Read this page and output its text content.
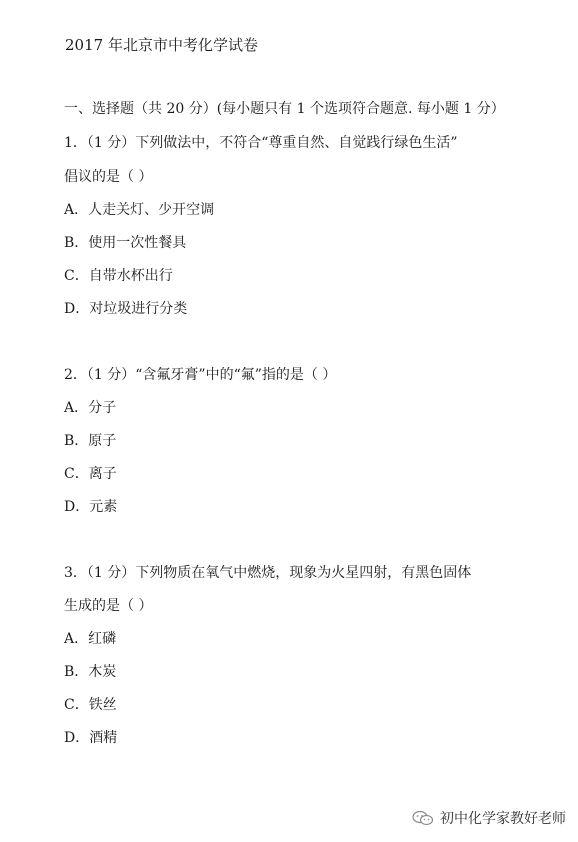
2017 年北京市中考化学试卷
一、选择题（共 20 分）(每小题只有 1 个选项符合题意. 每小题 1 分）
1．（1 分）下列做法中，不符合“尊重自然、自觉践行绿色生活”
倡议的是（ ）
A．人走关灯、少开空调
B．使用一次性餐具
C．自带水杯出行
D．对垃圾进行分类
2．（1 分）“含氟牙膏”中的“氟”指的是（ ）
A．分子
B．原子
C．离子
D．元素
3．（1 分）下列物质在氧气中燃烧，现象为火星四射，有黑色固体
生成的是（ ）
A．红磷
B．木炭
C．铁丝
D．酒精
初中化学家教好老师
